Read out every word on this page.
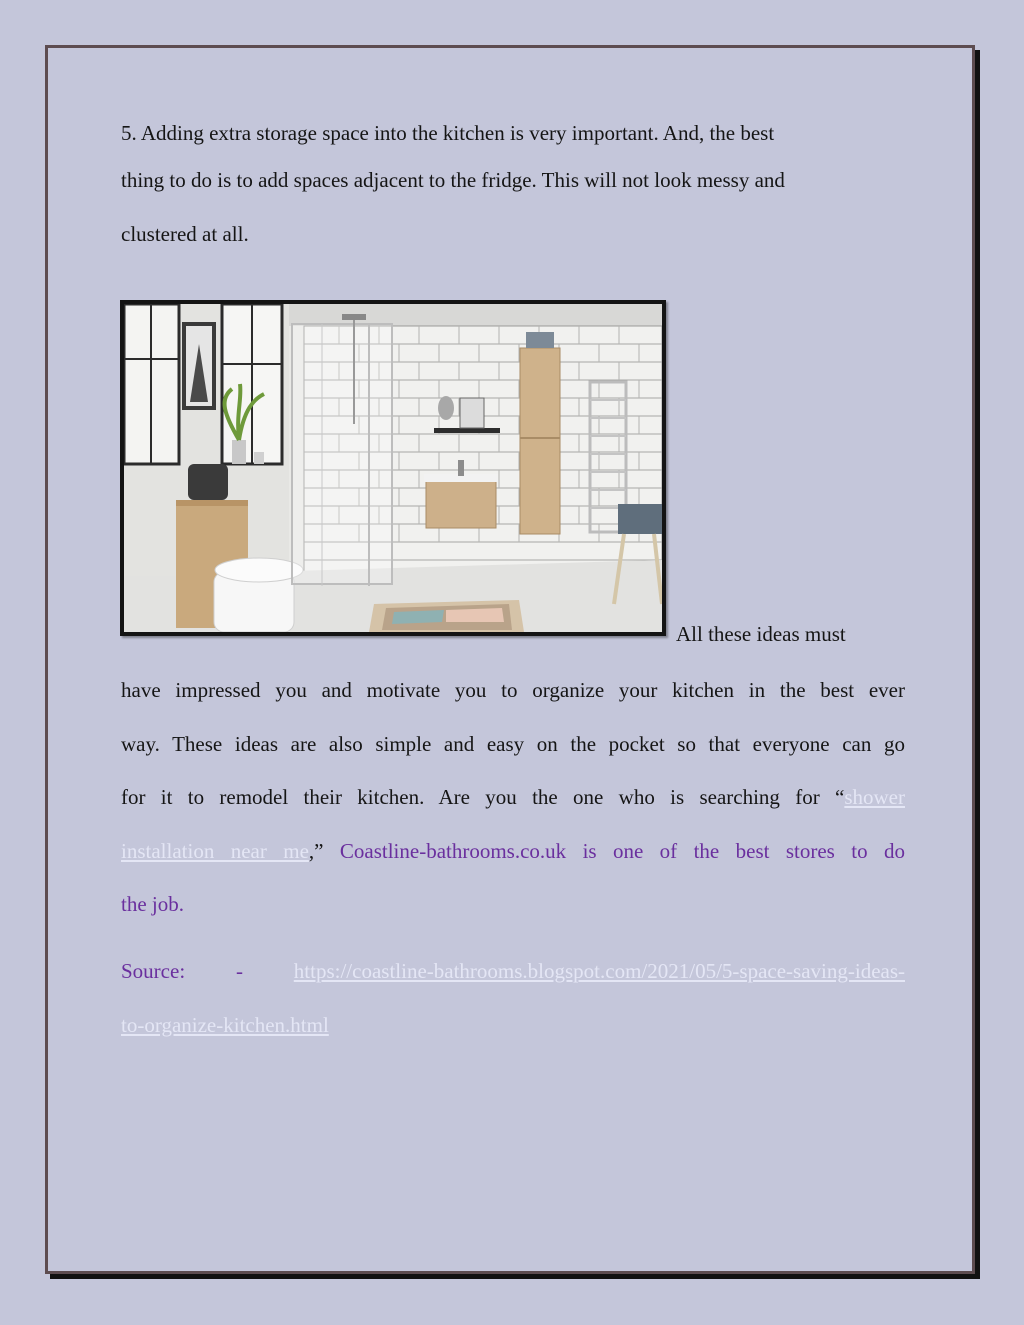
5. Adding extra storage space into the kitchen is very important. And, the best
thing to do is to add spaces adjacent to the fridge. This will not look messy and
clustered at all.
All these ideas must
have impressed you and motivate you to organize your kitchen in the best ever
way. These ideas are also simple and easy on the pocket so that everyone can go
for it to remodel their kitchen. Are you the one who is searching for “shower
installation near me,” Coastline-bathrooms.co.uk is one of the best stores to do
the job.
Source: - https://coastline-bathrooms.blogspot.com/2021/05/5-space-saving-ideas-
to-organize-kitchen.html
